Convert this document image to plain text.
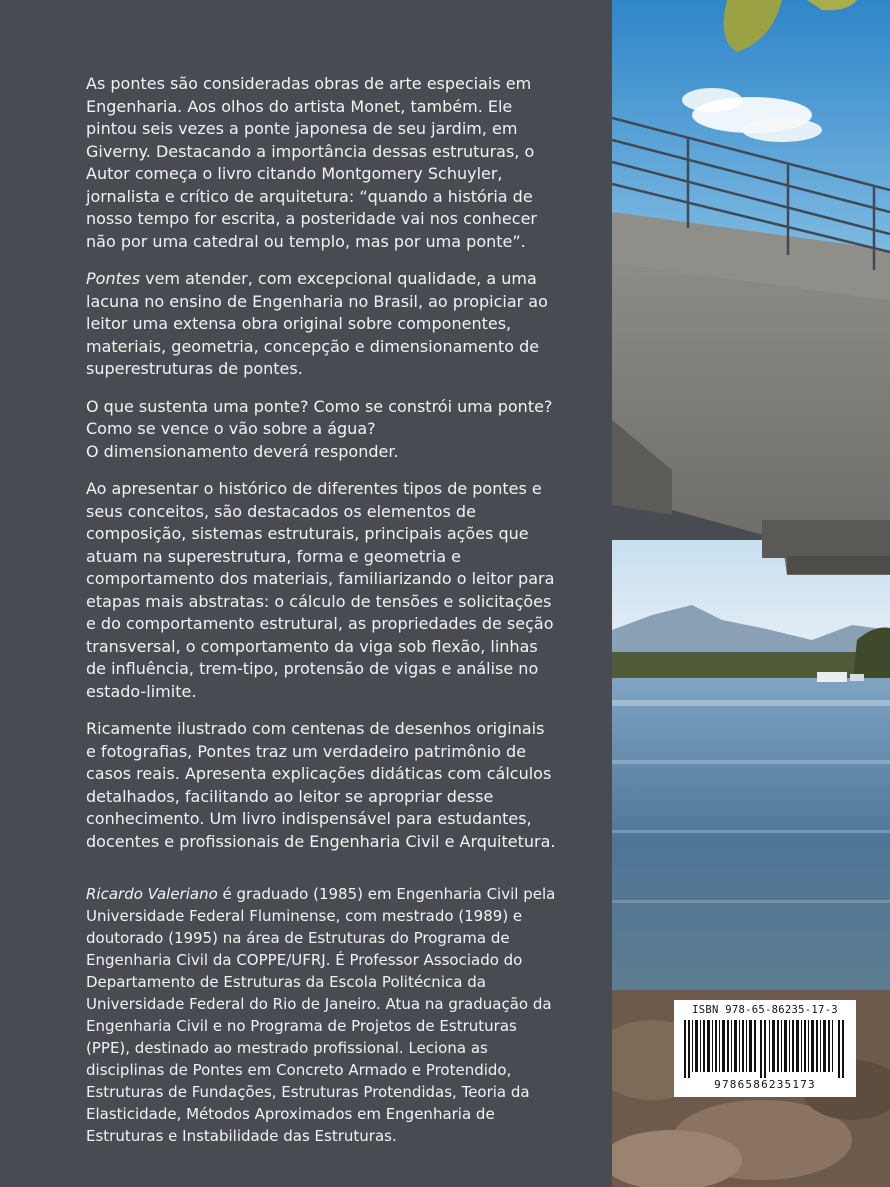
As pontes são consideradas obras de arte especiais em Engenharia. Aos olhos do artista Monet, também. Ele pintou seis vezes a ponte japonesa de seu jardim, em Giverny. Destacando a importância dessas estruturas, o Autor começa o livro citando Montgomery Schuyler, jornalista e crítico de arquitetura: “quando a história de nosso tempo for escrita, a posteridade vai nos conhecer não por uma catedral ou templo, mas por uma ponte”.

Pontes vem atender, com excepcional qualidade, a uma lacuna no ensino de Engenharia no Brasil, ao propiciar ao leitor uma extensa obra original sobre componentes, materiais, geometria, concepção e dimensionamento de superestruturas de pontes.

O que sustenta uma ponte? Como se constrói uma ponte?
Como se vence o vão sobre a água?
O dimensionamento deverá responder.

Ao apresentar o histórico de diferentes tipos de pontes e seus conceitos, são destacados os elementos de composição, sistemas estruturais, principais ações que atuam na superestrutura, forma e geometria e comportamento dos materiais, familiarizando o leitor para etapas mais abstratas: o cálculo de tensões e solicitações e do comportamento estrutural, as propriedades de seção transversal, o comportamento da viga sob flexão, linhas de influência, trem-tipo, protensão de vigas e análise no estado-limite.

Ricamente ilustrado com centenas de desenhos originais e fotografias, Pontes traz um verdadeiro patrimônio de casos reais. Apresenta explicações didáticas com cálculos detalhados, facilitando ao leitor se apropriar desse conhecimento. Um livro indispensável para estudantes, docentes e profissionais de Engenharia Civil e Arquitetura.

Ricardo Valeriano é graduado (1985) em Engenharia Civil pela Universidade Federal Fluminense, com mestrado (1989) e doutorado (1995) na área de Estruturas do Programa de Engenharia Civil da COPPE/UFRJ. É Professor Associado do Departamento de Estruturas da Escola Politécnica da Universidade Federal do Rio de Janeiro. Atua na graduação da Engenharia Civil e no Programa de Projetos de Estruturas (PPE), destinado ao mestrado profissional. Leciona as disciplinas de Pontes em Concreto Armado e Protendido, Estruturas de Fundações, Estruturas Protendidas, Teoria da Elasticidade, Métodos Aproximados em Engenharia de Estruturas e Instabilidade das Estruturas.

ISBN 978-65-86235-17-3
9786586235173
